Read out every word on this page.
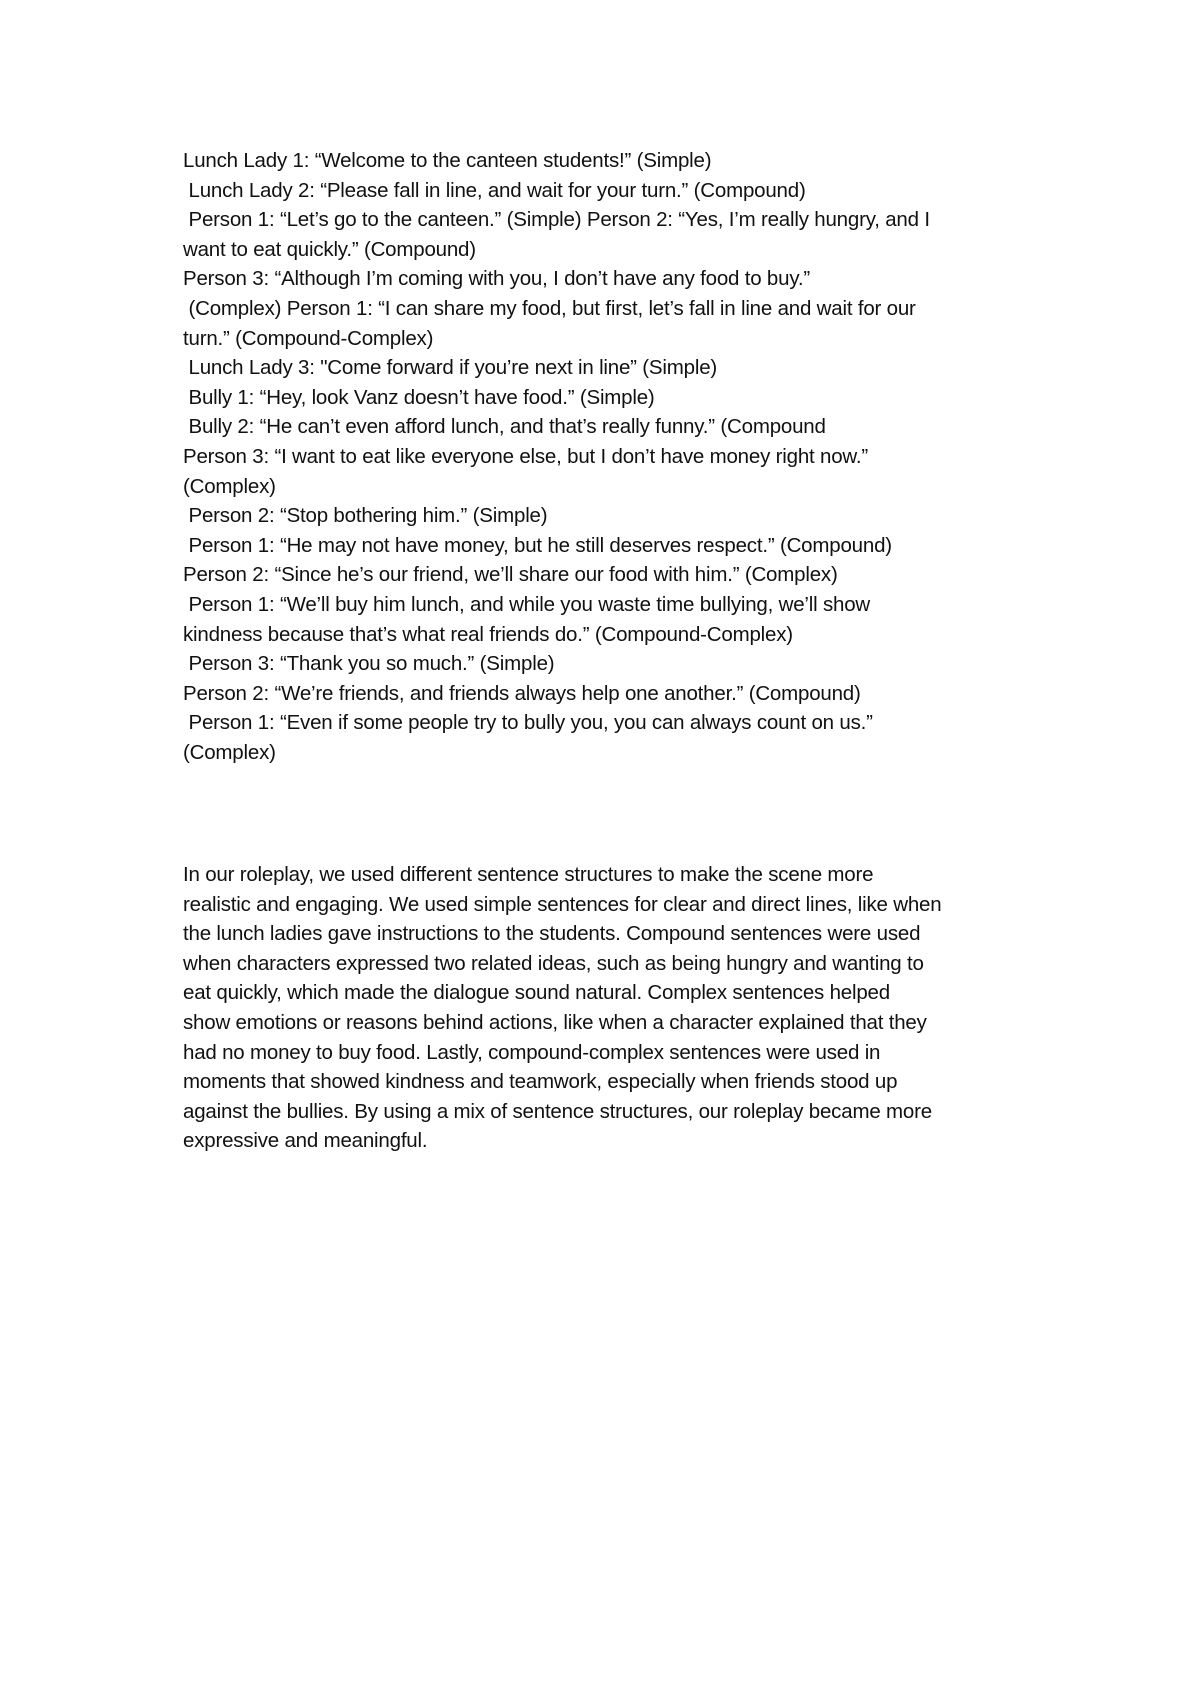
Lunch Lady 1: “Welcome to the canteen students!” (Simple)
Lunch Lady 2: “Please fall in line, and wait for your turn.” (Compound)
Person 1: “Let’s go to the canteen.” (Simple) Person 2: “Yes, I’m really hungry, and I
want to eat quickly.” (Compound)
Person 3: “Although I’m coming with you, I don’t have any food to buy.”
(Complex) Person 1: “I can share my food, but first, let’s fall in line and wait for our
turn.” (Compound-Complex)
Lunch Lady 3: "Come forward if you’re next in line” (Simple)
Bully 1: “Hey, look Vanz doesn’t have food.” (Simple)
Bully 2: “He can’t even afford lunch, and that’s really funny.” (Compound
Person 3: “I want to eat like everyone else, but I don’t have money right now.”
(Complex)
Person 2: “Stop bothering him.” (Simple)
Person 1: “He may not have money, but he still deserves respect.” (Compound)
Person 2: “Since he’s our friend, we’ll share our food with him.” (Complex)
Person 1: “We’ll buy him lunch, and while you waste time bullying, we’ll show
kindness because that’s what real friends do.” (Compound-Complex)
Person 3: “Thank you so much.” (Simple)
Person 2: “We’re friends, and friends always help one another.” (Compound)
Person 1: “Even if some people try to bully you, you can always count on us.”
(Complex)
In our roleplay, we used different sentence structures to make the scene more
realistic and engaging. We used simple sentences for clear and direct lines, like when
the lunch ladies gave instructions to the students. Compound sentences were used
when characters expressed two related ideas, such as being hungry and wanting to
eat quickly, which made the dialogue sound natural. Complex sentences helped
show emotions or reasons behind actions, like when a character explained that they
had no money to buy food. Lastly, compound-complex sentences were used in
moments that showed kindness and teamwork, especially when friends stood up
against the bullies. By using a mix of sentence structures, our roleplay became more
expressive and meaningful.
